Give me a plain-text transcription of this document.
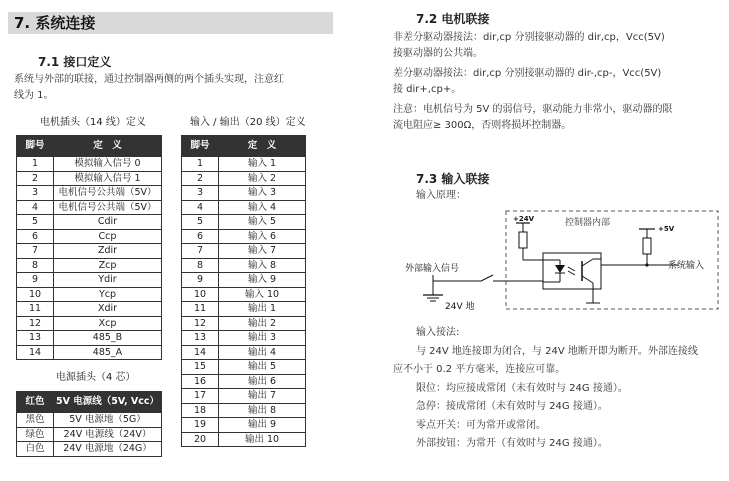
7. 系统连接
7.1 接口定义
系统与外部的联接，通过控制器两侧的两个插头实现，注意红
线为 1。
电机插头（14 线）定义	输入 / 输出（20 线）定义
脚号	定　义
1	模拟输入信号 0
2	模拟输入信号 1
3	电机信号公共端（5V）
4	电机信号公共端（5V）
5	Cdir
6	Ccp
7	Zdir
8	Zcp
9	Ydir
10	Ycp
11	Xdir
12	Xcp
13	485_B
14	485_A
脚号	定　义
1	输入 1
2	输入 2
3	输入 3
4	输入 4
5	输入 5
6	输入 6
7	输入 7
8	输入 8
9	输入 9
10	输入 10
11	输出 1
12	输出 2
13	输出 3
14	输出 4
15	输出 5
16	输出 6
17	输出 7
18	输出 8
19	输出 9
20	输出 10
电源插头（4 芯）
红色	5V 电源线（5V, Vcc）
黑色	5V 电源地（5G）
绿色	24V 电源线（24V）
白色	24V 电源地（24G）
7.2 电机联接
非差分驱动器接法：dir,cp 分别接驱动器的 dir,cp，Vcc(5V)
接驱动器的公共端。
差分驱动器接法：dir,cp 分别接驱动器的 dir-,cp-，Vcc(5V)
接 dir+,cp+。
注意：电机信号为 5V 的弱信号，驱动能力非常小，驱动器的限
流电阻应≥ 300Ω，否则将损坏控制器。
7.3 输入联接
输入原理：
控制器内部
+24V
+5V
系统输入
外部输入信号
24V 地
输入接法:
与 24V 地连接即为闭合，与 24V 地断开即为断开。外部连接线
应不小于 0.2 平方毫米，连接应可靠。
限位：均应接成常闭（未有效时与 24G 接通）。
急停：接成常闭（未有效时与 24G 接通）。
零点开关：可为常开或常闭。
外部按钮：为常开（有效时与 24G 接通）。
